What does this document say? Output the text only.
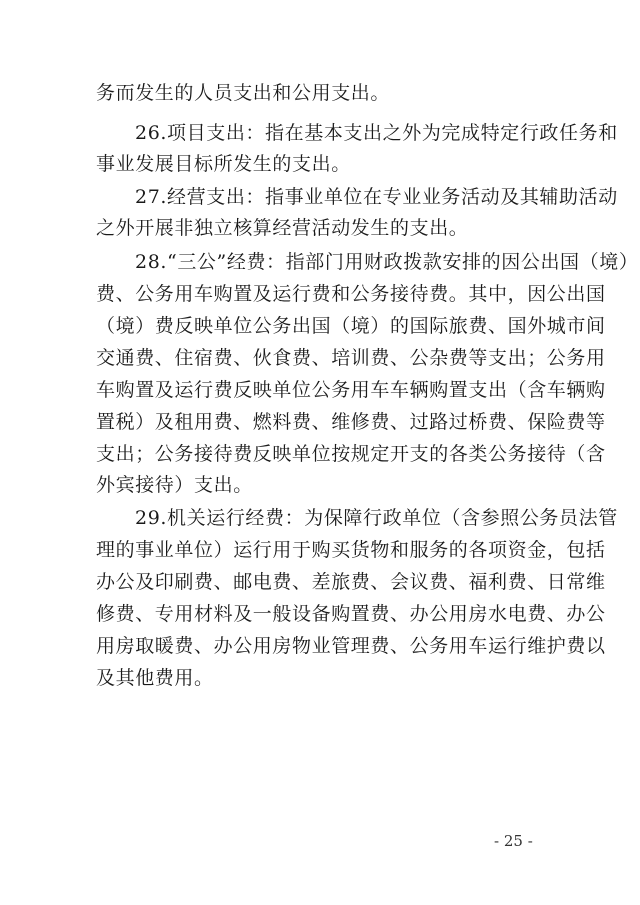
务而发生的人员支出和公用支出。
26.项目支出：指在基本支出之外为完成特定行政任务和
事业发展目标所发生的支出。
27.经营支出：指事业单位在专业业务活动及其辅助活动
之外开展非独立核算经营活动发生的支出。
28.“三公”经费：指部门用财政拨款安排的因公出国（境）
费、公务用车购置及运行费和公务接待费。其中，因公出国
（境）费反映单位公务出国（境）的国际旅费、国外城市间
交通费、住宿费、伙食费、培训费、公杂费等支出；公务用
车购置及运行费反映单位公务用车车辆购置支出（含车辆购
置税）及租用费、燃料费、维修费、过路过桥费、保险费等
支出；公务接待费反映单位按规定开支的各类公务接待（含
外宾接待）支出。
29.机关运行经费：为保障行政单位（含参照公务员法管
理的事业单位）运行用于购买货物和服务的各项资金，包括
办公及印刷费、邮电费、差旅费、会议费、福利费、日常维
修费、专用材料及一般设备购置费、办公用房水电费、办公
用房取暖费、办公用房物业管理费、公务用车运行维护费以
及其他费用。
- 25 -
